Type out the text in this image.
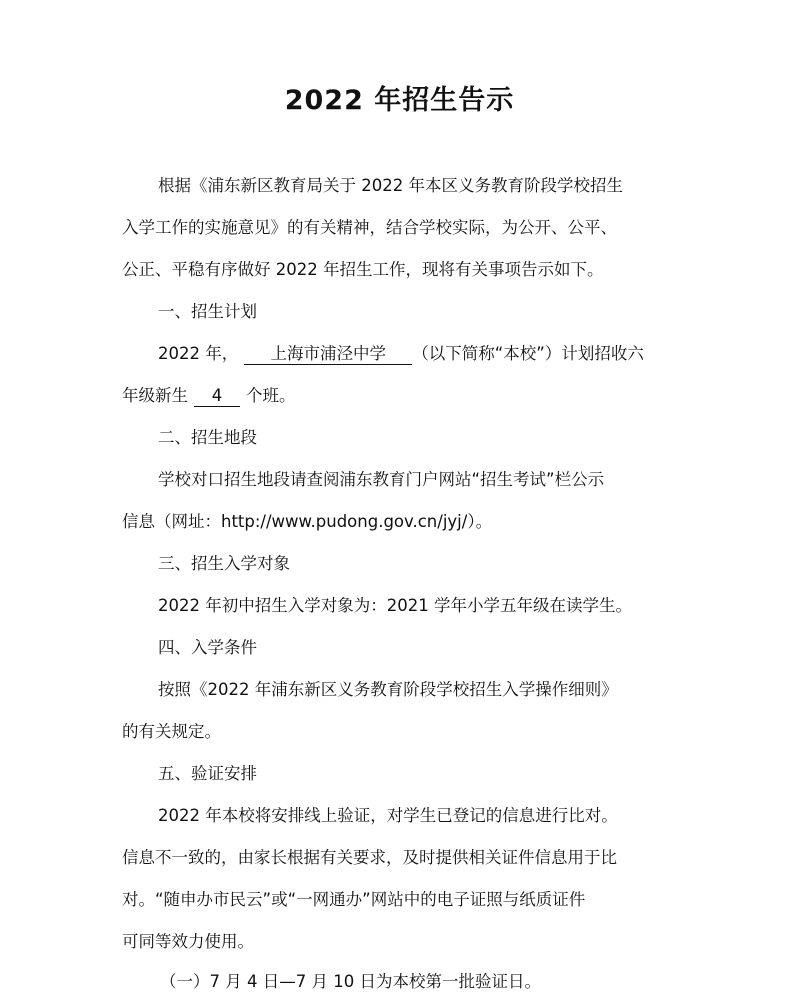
2022 年招生告示
根据《浦东新区教育局关于 2022 年本区义务教育阶段学校招生
入学工作的实施意见》的有关精神，结合学校实际，为公开、公平、
公正、平稳有序做好 2022 年招生工作，现将有关事项告示如下。
一、招生计划
2022 年， 上海市浦泾中学 （以下简称“本校”）计划招收六
年级新生 4 个班。
二、招生地段
学校对口招生地段请查阅浦东教育门户网站“招生考试”栏公示
信息（网址：http://www.pudong.gov.cn/jyj/）。
三、招生入学对象
2022 年初中招生入学对象为：2021 学年小学五年级在读学生。
四、入学条件
按照《2022 年浦东新区义务教育阶段学校招生入学操作细则》
的有关规定。
五、验证安排
2022 年本校将安排线上验证，对学生已登记的信息进行比对。
信息不一致的，由家长根据有关要求，及时提供相关证件信息用于比
对。“随申办市民云”或“一网通办”网站中的电子证照与纸质证件
可同等效力使用。
（一）7 月 4 日—7 月 10 日为本校第一批验证日。
